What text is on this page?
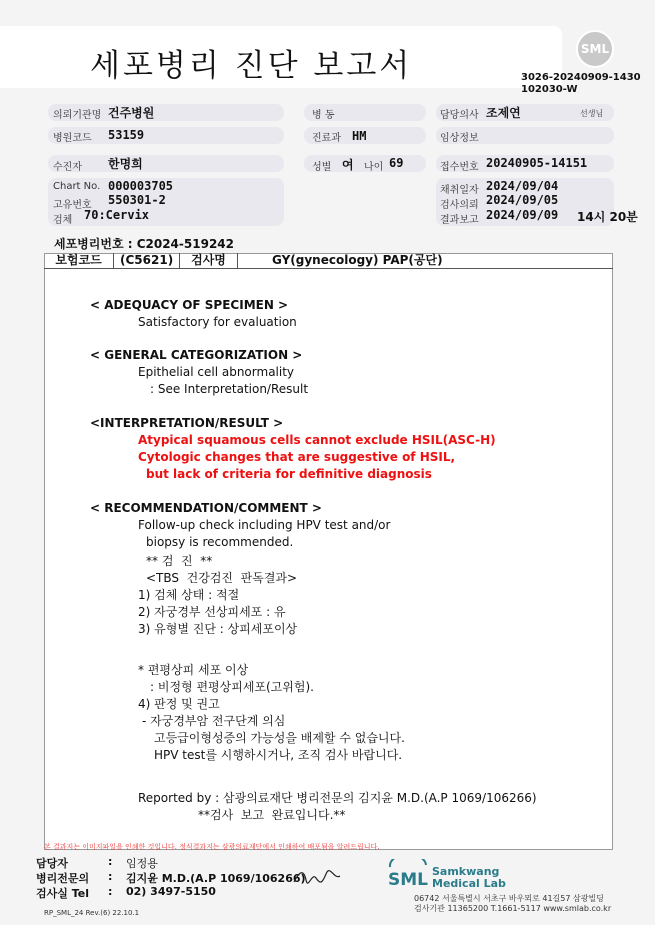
세포병리 진단 보고서	SML
3026-20240909-1430
102030-W
의뢰기관명 건주병원	병 동	담당의사 조제연	선생님
병원코드 53159	진료과 HM	임상정보
수진자 한명희	성별 여 나이 69	접수번호 20240905-14151
Chart No. 000003705
고유번호 550301-2
검체 70:Cervix
채취일자 2024/09/04
검사의뢰 2024/09/05
결과보고 2024/09/09 14시 20분
세포병리번호 : C2024-519242
보험코드	(C5621)	검사명	GY(gynecology) PAP(공단)
< ADEQUACY OF SPECIMEN >
Satisfactory for evaluation
< GENERAL CATEGORIZATION >
Epithelial cell abnormality
: See Interpretation/Result
<INTERPRETATION/RESULT >
Atypical squamous cells cannot exclude HSIL(ASC-H)
Cytologic changes that are suggestive of HSIL,
but lack of criteria for definitive diagnosis
< RECOMMENDATION/COMMENT >
Follow-up check including HPV test and/or
biopsy is recommended.
** 검  진  **
<TBS  건강검진  판독결과>
1) 검체 상태 : 적절
2) 자궁경부 선상피세포 : 유
3) 유형별 진단 : 상피세포이상
* 편평상피 세포 이상
: 비정형 편평상피세포(고위험).
4) 판정 및 권고
- 자궁경부암 전구단계 의심
고등급이형성증의 가능성을 배제할 수 없습니다.
HPV test를 시행하시거나, 조직 검사 바랍니다.
Reported by : 삼광의료재단 병리전문의 김지윤 M.D.(A.P 1069/106266)
**검사  보고  완료입니다.**
본 결과지는 이미지파일을 인쇄한 것입니다. 정식결과지는 삼광의료재단에서 인쇄하여 배포됨을 알려드립니다.
담당자	: 임정용
병리전문의 : 김지윤 M.D.(A.P 1069/106266)
검사실 Tel : 02) 3497-5150
RP_SML_24 Rev.(6) 22.10.1
SML Samkwang
Medical Lab
06742 서울특별시 서초구 바우뫼로 41길57 삼광빌딩
검사기관 11365200 T.1661-5117 www.smlab.co.kr
